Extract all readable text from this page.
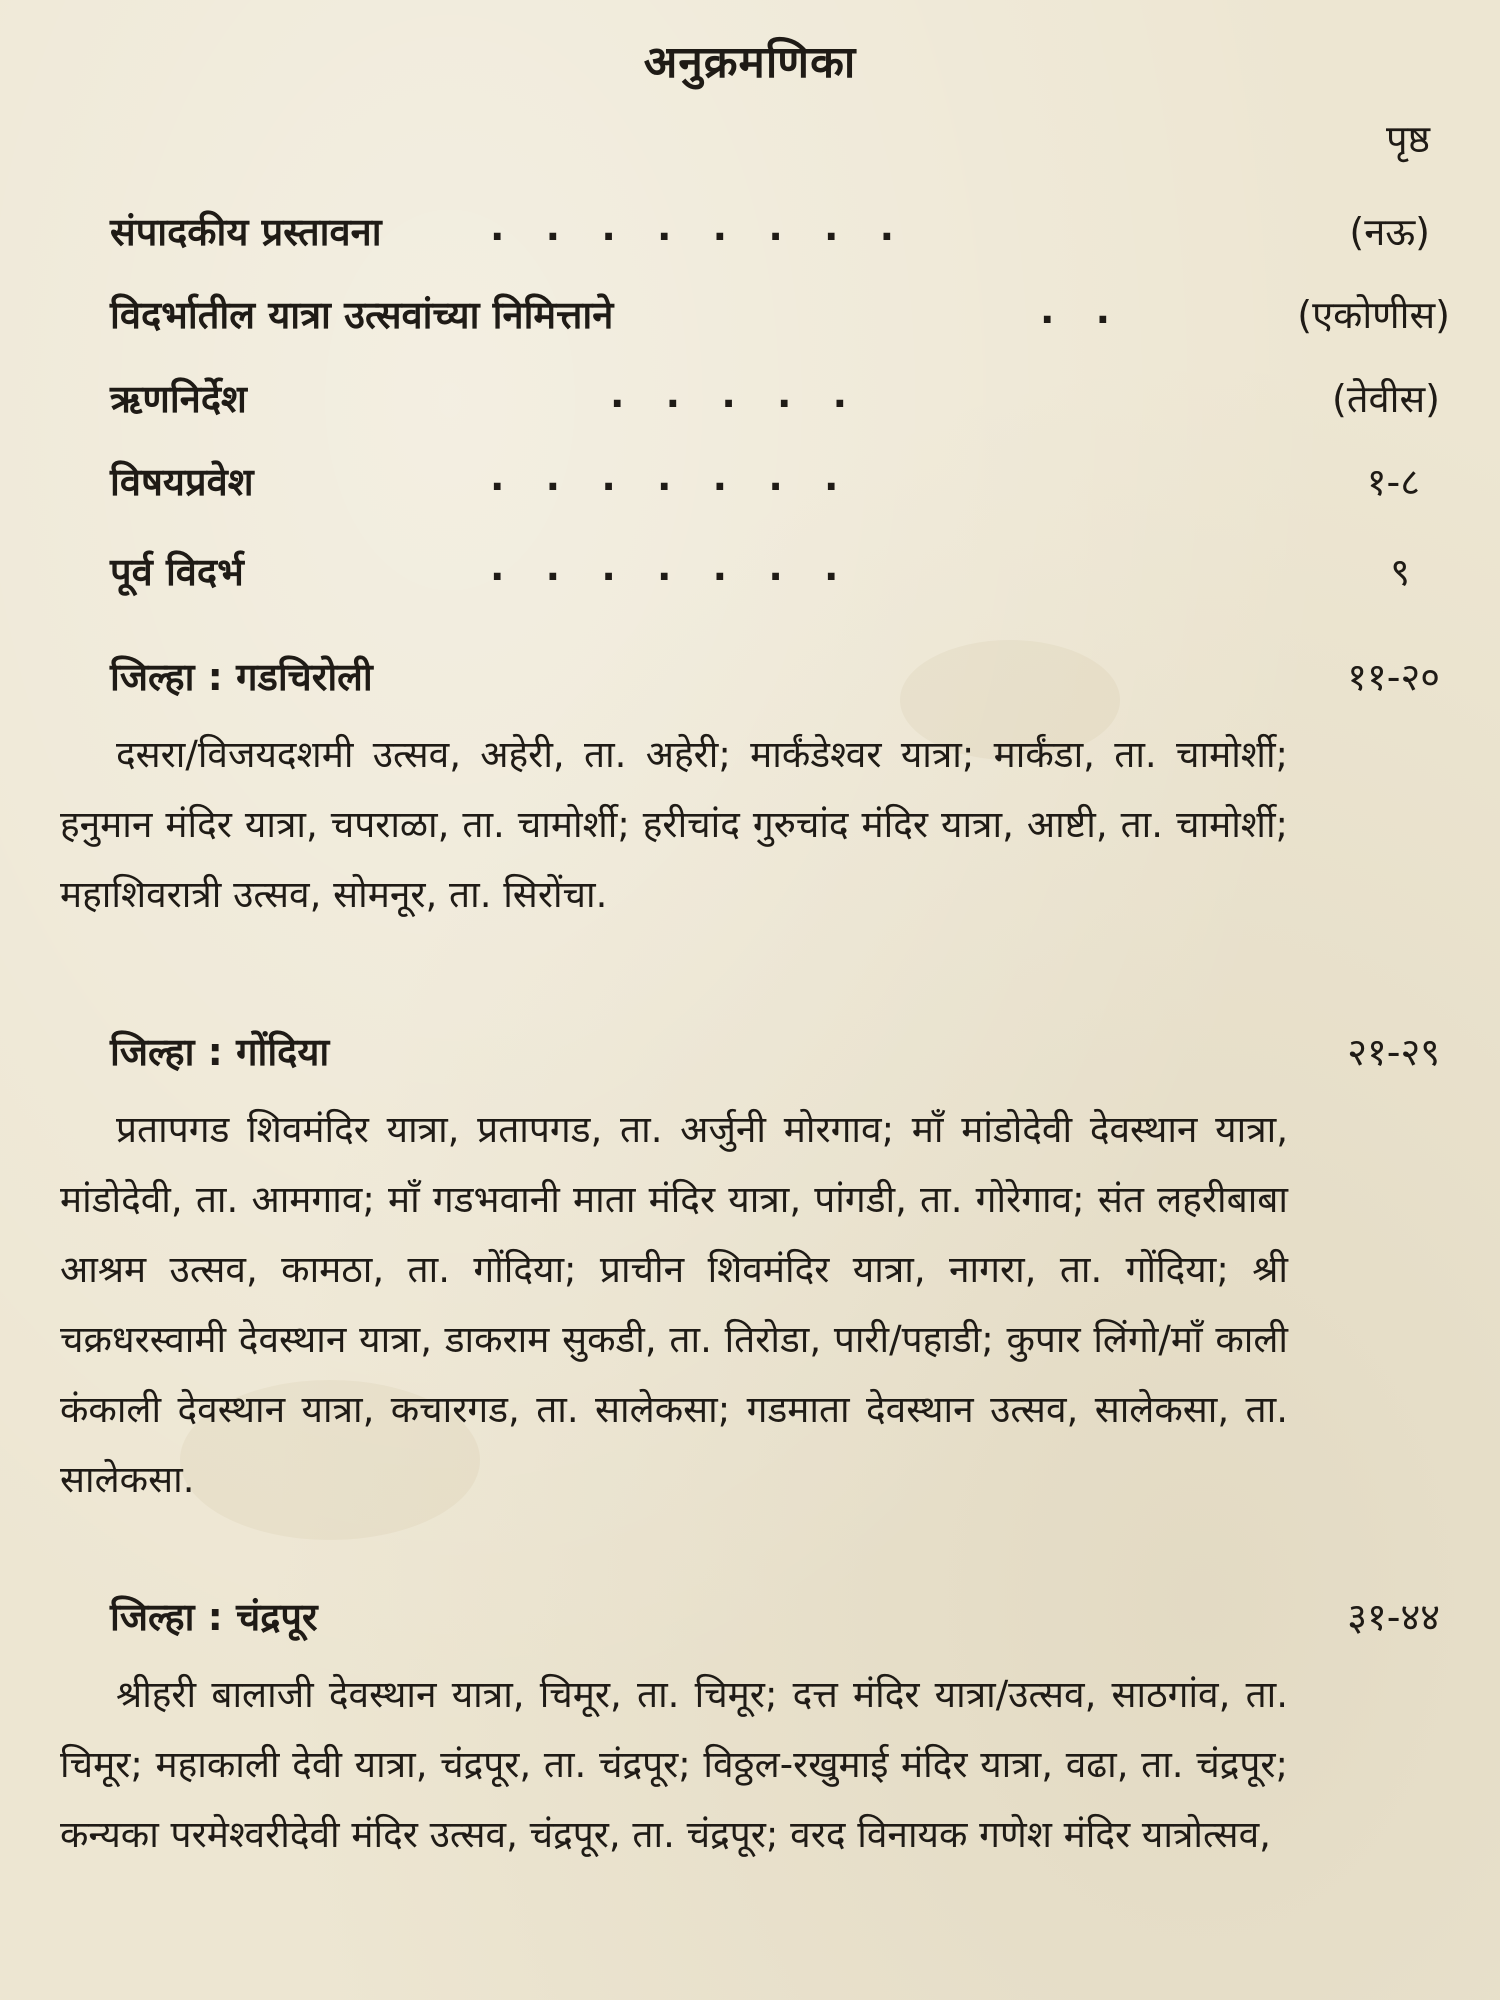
अनुक्रमणिका
पृष्ठ
संपादकीय प्रस्तावना	. . . . . . . .	(नऊ)
विदर्भातील यात्रा उत्सवांच्या निमित्ताने	. .	(एकोणीस)
ऋणनिर्देश	. . . . .	(तेवीस)
विषयप्रवेश	. . . . . . .	१-८
पूर्व विदर्भ	. . . . . . .	९
जिल्हा : गडचिरोली	११-२०
दसरा/विजयदशमी उत्सव, अहेरी, ता. अहेरी; मार्कंडेश्वर यात्रा; मार्कंडा, ता. चामोर्शी; हनुमान मंदिर यात्रा, चपराळा, ता. चामोर्शी; हरीचांद गुरुचांद मंदिर यात्रा, आष्टी, ता. चामोर्शी; महाशिवरात्री उत्सव, सोमनूर, ता. सिरोंचा.
जिल्हा : गोंदिया	२१-२९
प्रतापगड शिवमंदिर यात्रा, प्रतापगड, ता. अर्जुनी मोरगाव; माँ मांडोदेवी देवस्थान यात्रा, मांडोदेवी, ता. आमगाव; माँ गडभवानी माता मंदिर यात्रा, पांगडी, ता. गोरेगाव; संत लहरीबाबा आश्रम उत्सव, कामठा, ता. गोंदिया; प्राचीन शिवमंदिर यात्रा, नागरा, ता. गोंदिया; श्री चक्रधरस्वामी देवस्थान यात्रा, डाकराम सुकडी, ता. तिरोडा, पारी/पहाडी; कुपार लिंगो/माँ काली कंकाली देवस्थान यात्रा, कचारगड, ता. सालेकसा; गडमाता देवस्थान उत्सव, सालेकसा, ता. सालेकसा.
जिल्हा : चंद्रपूर	३१-४४
श्रीहरी बालाजी देवस्थान यात्रा, चिमूर, ता. चिमूर; दत्त मंदिर यात्रा/उत्सव, साठगांव, ता. चिमूर; महाकाली देवी यात्रा, चंद्रपूर, ता. चंद्रपूर; विठ्ठल-रखुमाई मंदिर यात्रा, वढा, ता. चंद्रपूर; कन्यका परमेश्वरीदेवी मंदिर उत्सव, चंद्रपूर, ता. चंद्रपूर; वरद विनायक गणेश मंदिर यात्रोत्सव,
